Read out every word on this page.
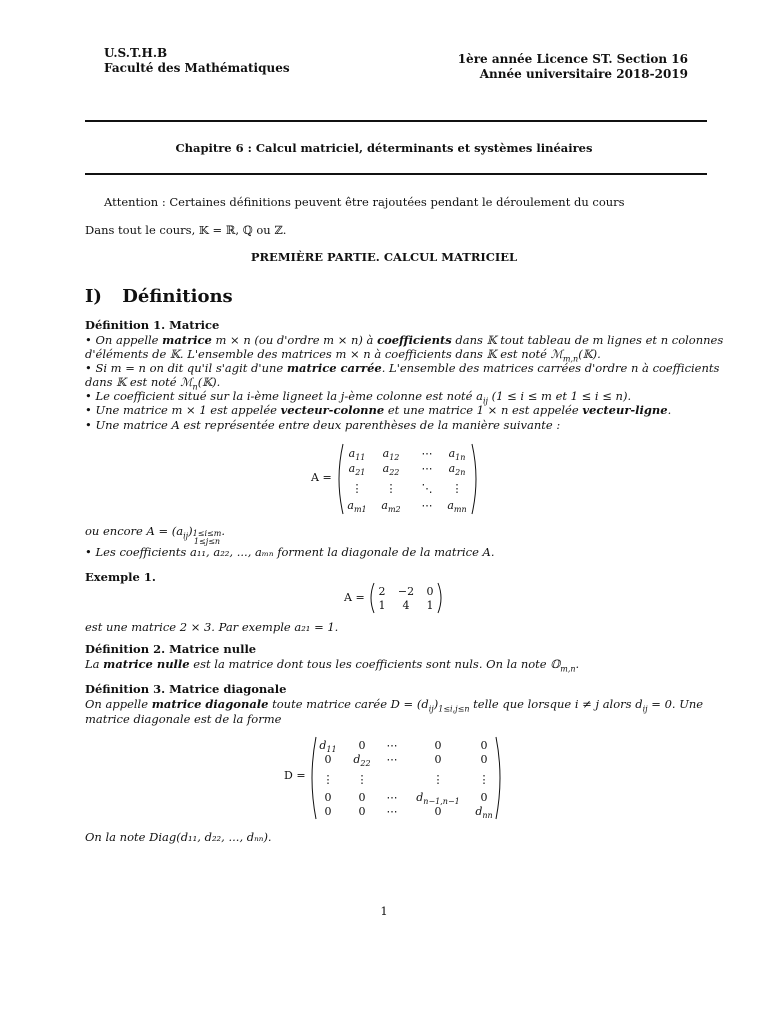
U.S.T.H.B
Faculté des Mathématiques
1ère année Licence ST. Section 16
Année universitaire 2018-2019
Chapitre 6 : Calcul matriciel, déterminants et systèmes linéaires
Attention : Certaines définitions peuvent être rajoutées pendant le déroulement du cours
Dans tout le cours, 𝕂 = ℝ, ℚ ou ℤ.
PREMIÈRE PARTIE. CALCUL MATRICIEL
I) Définitions
Définition 1. Matrice
• On appelle matrice m × n (ou d'ordre m × n) à coefficients dans 𝕂 tout tableau de m lignes et n colonnes
d'éléments de 𝕂. L'ensemble des matrices m × n à coefficients dans 𝕂 est noté ℳ$_{m,n}$(𝕂).
• Si m = n on dit qu'il s'agit d'une matrice carrée. L'ensemble des matrices carrées d'ordre n à coefficients
dans 𝕂 est noté ℳ$_n$(𝕂).
• Le coefficient situé sur la i-ème ligneet la j-ème colonne est noté $a_{ij}$ (1 ≤ i ≤ m et 1 ≤ i ≤ n).
• Une matrice m × 1 est appelée vecteur-colonne et une matrice 1 × n est appelée vecteur-ligne.
• Une matrice A est représentée entre deux parenthèses de la manière suivante :
A =
$a_{11}$ $a_{12}$ ⋯ $a_{1n}$
$a_{21}$ $a_{22}$ ⋯ $a_{2n}$
⋮ ⋮ ⋱ ⋮
$a_{m1}$ $a_{m2}$ ⋯ $a_{mn}$
ou encore $A = (a_{ij})$ 1≤i≤m
1≤j≤n
.
• Les coefficients a₁₁, a₂₂, ..., aₘₙ forment la diagonale de la matrice A.
Exemple 1.
A = 2 −2 0
1 4 1
est une matrice 2 × 3. Par exemple a₂₁ = 1.
Définition 2. Matrice nulle
La matrice nulle est la matrice dont tous les coefficients sont nuls. On la note 𝕆$_{m,n}$.
Définition 3. Matrice diagonale
On appelle matrice diagonale toute matrice carée $D = (d_{ij})_{1\le i,j\le n}$ telle que lorsque i ≠ j alors $d_{ij} = 0$. Une
matrice diagonale est de la forme
D =
$d_{11}$ 0 ⋯	0	0
0 $d_{22}$ ⋯	0	0
⋮ ⋮	⋮	⋮
0 0 ⋯ $d_{n-1,n-1}$ 0
0 0 ⋯	0	$d_{nn}$
On la note Diag(d₁₁, d₂₂, ..., dₙₙ).
1
